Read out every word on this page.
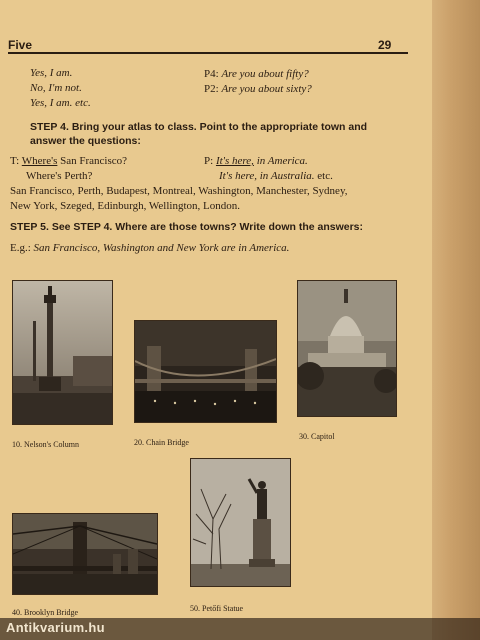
Five	29
Yes, I am.
No, I'm not.
Yes, I am. etc.
P4: Are you about fifty?
P2: Are you about sixty?
STEP 4. Bring your atlas to class. Point to the appropriate town and
answer the questions:
T: Where's San Francisco?
Where's Perth?
P: It's here, in America.
It's here, in Australia. etc.
San Francisco, Perth, Budapest, Montreal, Washington, Manchester, Sydney,
New York, Szeged, Edinburgh, Wellington, London.
STEP 5. See STEP 4. Where are those towns? Write down the answers:
E.g.: San Francisco, Washington and New York are in America.
10. Nelson's Column	20. Chain Bridge
30. Capitol
40. Brooklyn Bridge	50. Petőfi Statue
Antikvarium.hu
